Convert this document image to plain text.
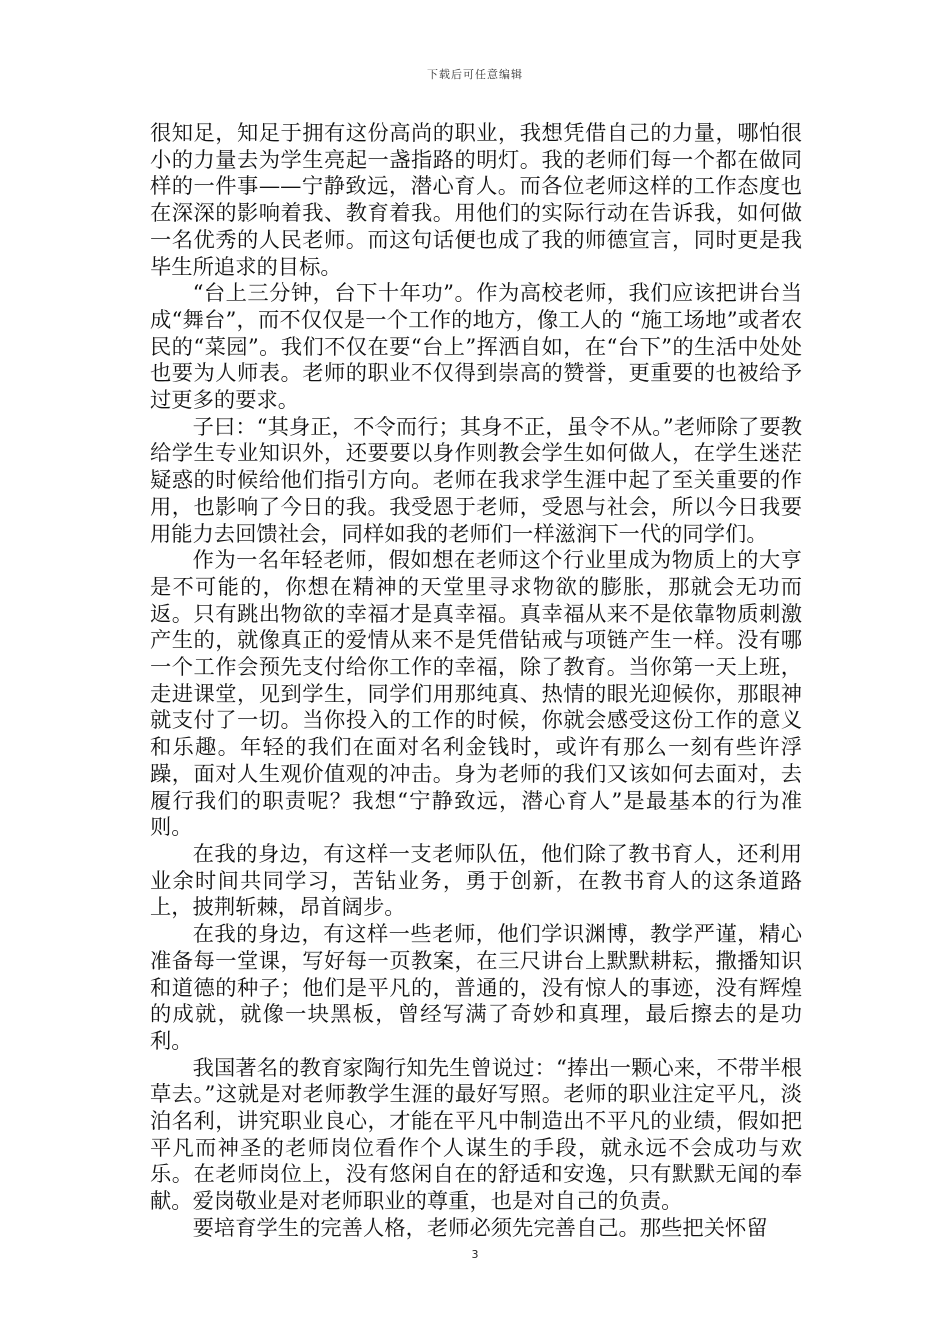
下载后可任意编辑

很知足，知足于拥有这份高尚的职业，我想凭借自己的力量，哪怕很小的力量去为学生亮起一盏指路的明灯。我的老师们每一个都在做同样的一件事——宁静致远，潜心育人。而各位老师这样的工作态度也在深深的影响着我、教育着我。用他们的实际行动在告诉我，如何做一名优秀的人民老师。而这句话便也成了我的师德宣言，同时更是我毕生所追求的目标。

“台上三分钟，台下十年功”。作为高校老师，我们应该把讲台当成“舞台”，而不仅仅是一个工作的地方，像工人的 “施工场地”或者农民的“菜园”。我们不仅在要“台上”挥洒自如，在“台下”的生活中处处也要为人师表。老师的职业不仅得到崇高的赞誉，更重要的也被给予过更多的要求。

子曰：“其身正，不令而行；其身不正，虽令不从。”老师除了要教给学生专业知识外，还要要以身作则教会学生如何做人，在学生迷茫疑惑的时候给他们指引方向。老师在我求学生涯中起了至关重要的作用，也影响了今日的我。我受恩于老师，受恩与社会，所以今日我要用能力去回馈社会，同样如我的老师们一样滋润下一代的同学们。

作为一名年轻老师，假如想在老师这个行业里成为物质上的大亨是不可能的，你想在精神的天堂里寻求物欲的膨胀，那就会无功而返。只有跳出物欲的幸福才是真幸福。真幸福从来不是依靠物质刺激产生的，就像真正的爱情从来不是凭借钻戒与项链产生一样。没有哪一个工作会预先支付给你工作的幸福，除了教育。当你第一天上班，走进课堂，见到学生，同学们用那纯真、热情的眼光迎候你，那眼神就支付了一切。当你投入的工作的时候，你就会感受这份工作的意义和乐趣。年轻的我们在面对名利金钱时，或许有那么一刻有些许浮躁，面对人生观价值观的冲击。身为老师的我们又该如何去面对，去履行我们的职责呢？我想“宁静致远，潜心育人”是最基本的行为准则。

在我的身边，有这样一支老师队伍，他们除了教书育人，还利用业余时间共同学习，苦钻业务，勇于创新，在教书育人的这条道路上，披荆斩棘，昂首阔步。

在我的身边，有这样一些老师，他们学识渊博，教学严谨，精心准备每一堂课，写好每一页教案，在三尺讲台上默默耕耘，撒播知识和道德的种子；他们是平凡的，普通的，没有惊人的事迹，没有辉煌的成就，就像一块黑板，曾经写满了奇妙和真理，最后擦去的是功利。

我国著名的教育家陶行知先生曾说过：“捧出一颗心来，不带半根草去。”这就是对老师教学生涯的最好写照。老师的职业注定平凡，淡泊名利，讲究职业良心，才能在平凡中制造出不平凡的业绩，假如把平凡而神圣的老师岗位看作个人谋生的手段，就永远不会成功与欢乐。在老师岗位上，没有悠闲自在的舒适和安逸，只有默默无闻的奉献。爱岗敬业是对老师职业的尊重，也是对自己的负责。

要培育学生的完善人格，老师必须先完善自己。那些把关怀留

3
